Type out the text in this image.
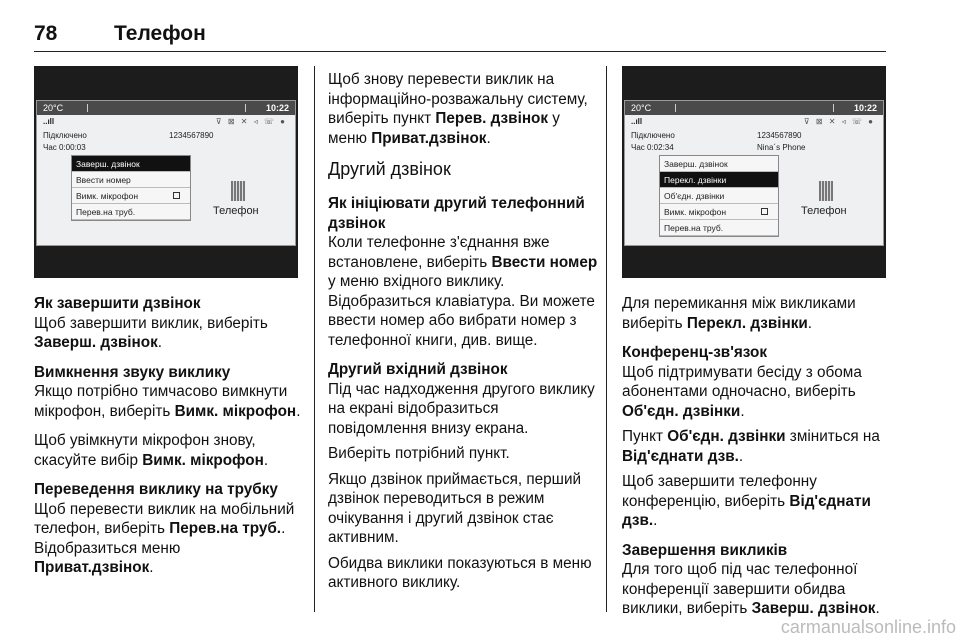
78	Телефон
20°C	10:22
..ıll	⊽ ⊠ ✕ ◃ ☏ ●
Підключено	1234567890
Час 0:00:03
Заверш. дзвінок
Ввести номер
Вимк. мікрофон
Перев.на труб.	Телефон
20°C	10:22
..ıll	⊽ ⊠ ✕ ◃ ☏ ●
Підключено	1234567890
Час 0:02:34	Nina´s Phone
Заверш. дзвінок
Перекл. дзвінки
Об'єдн. дзвінки
Вимк. мікрофон
Перев.на труб.
Телефон
Як завершити дзвінок

Щоб завершити виклик, виберіть Заверш. дзвінок.

Вимкнення звуку виклику

Якщо потрібно тимчасово вимкнути мікрофон, виберіть Вимк. мікрофон.

Щоб увімкнути мікрофон знову, скасуйте вибір Вимк. мікрофон.

Переведення виклику на трубку

Щоб перевести виклик на мобільний телефон, виберіть Перев.на труб.. Відобразиться меню Приват.дзвінок.

Щоб знову перевести виклик на інформаційно-розважальну систему, виберіть пункт Перев. дзвінок у меню Приват.дзвінок.

Другий дзвінок
Як ініціювати другий телефонний дзвінок

Коли телефонне з'єднання вже встановлене, виберіть Ввести номер у меню вхідного виклику. Відобразиться клавіатура. Ви можете ввести номер або вибрати номер з телефонної книги, див. вище.

Другий вхідний дзвінок

Під час надходження другого виклику на екрані відобразиться повідомлення внизу екрана.

Виберіть потрібний пункт.

Якщо дзвінок приймається, перший дзвінок переводиться в режим очікування і другий дзвінок стає активним.

Обидва виклики показуються в меню активного виклику.

Для перемикання між викликами виберіть Перекл. дзвінки.

Конференц-зв'язок

Щоб підтримувати бесіду з обома абонентами одночасно, виберіть Об'єдн. дзвінки.

Пункт Об'єдн. дзвінки зміниться на Від'єднати дзв..

Щоб завершити телефонну конференцію, виберіть Від'єднати дзв..

Завершення викликів

Для того щоб під час телефонної конференції завершити обидва виклики, виберіть Заверш. дзвінок.

carmanualsonline.info
